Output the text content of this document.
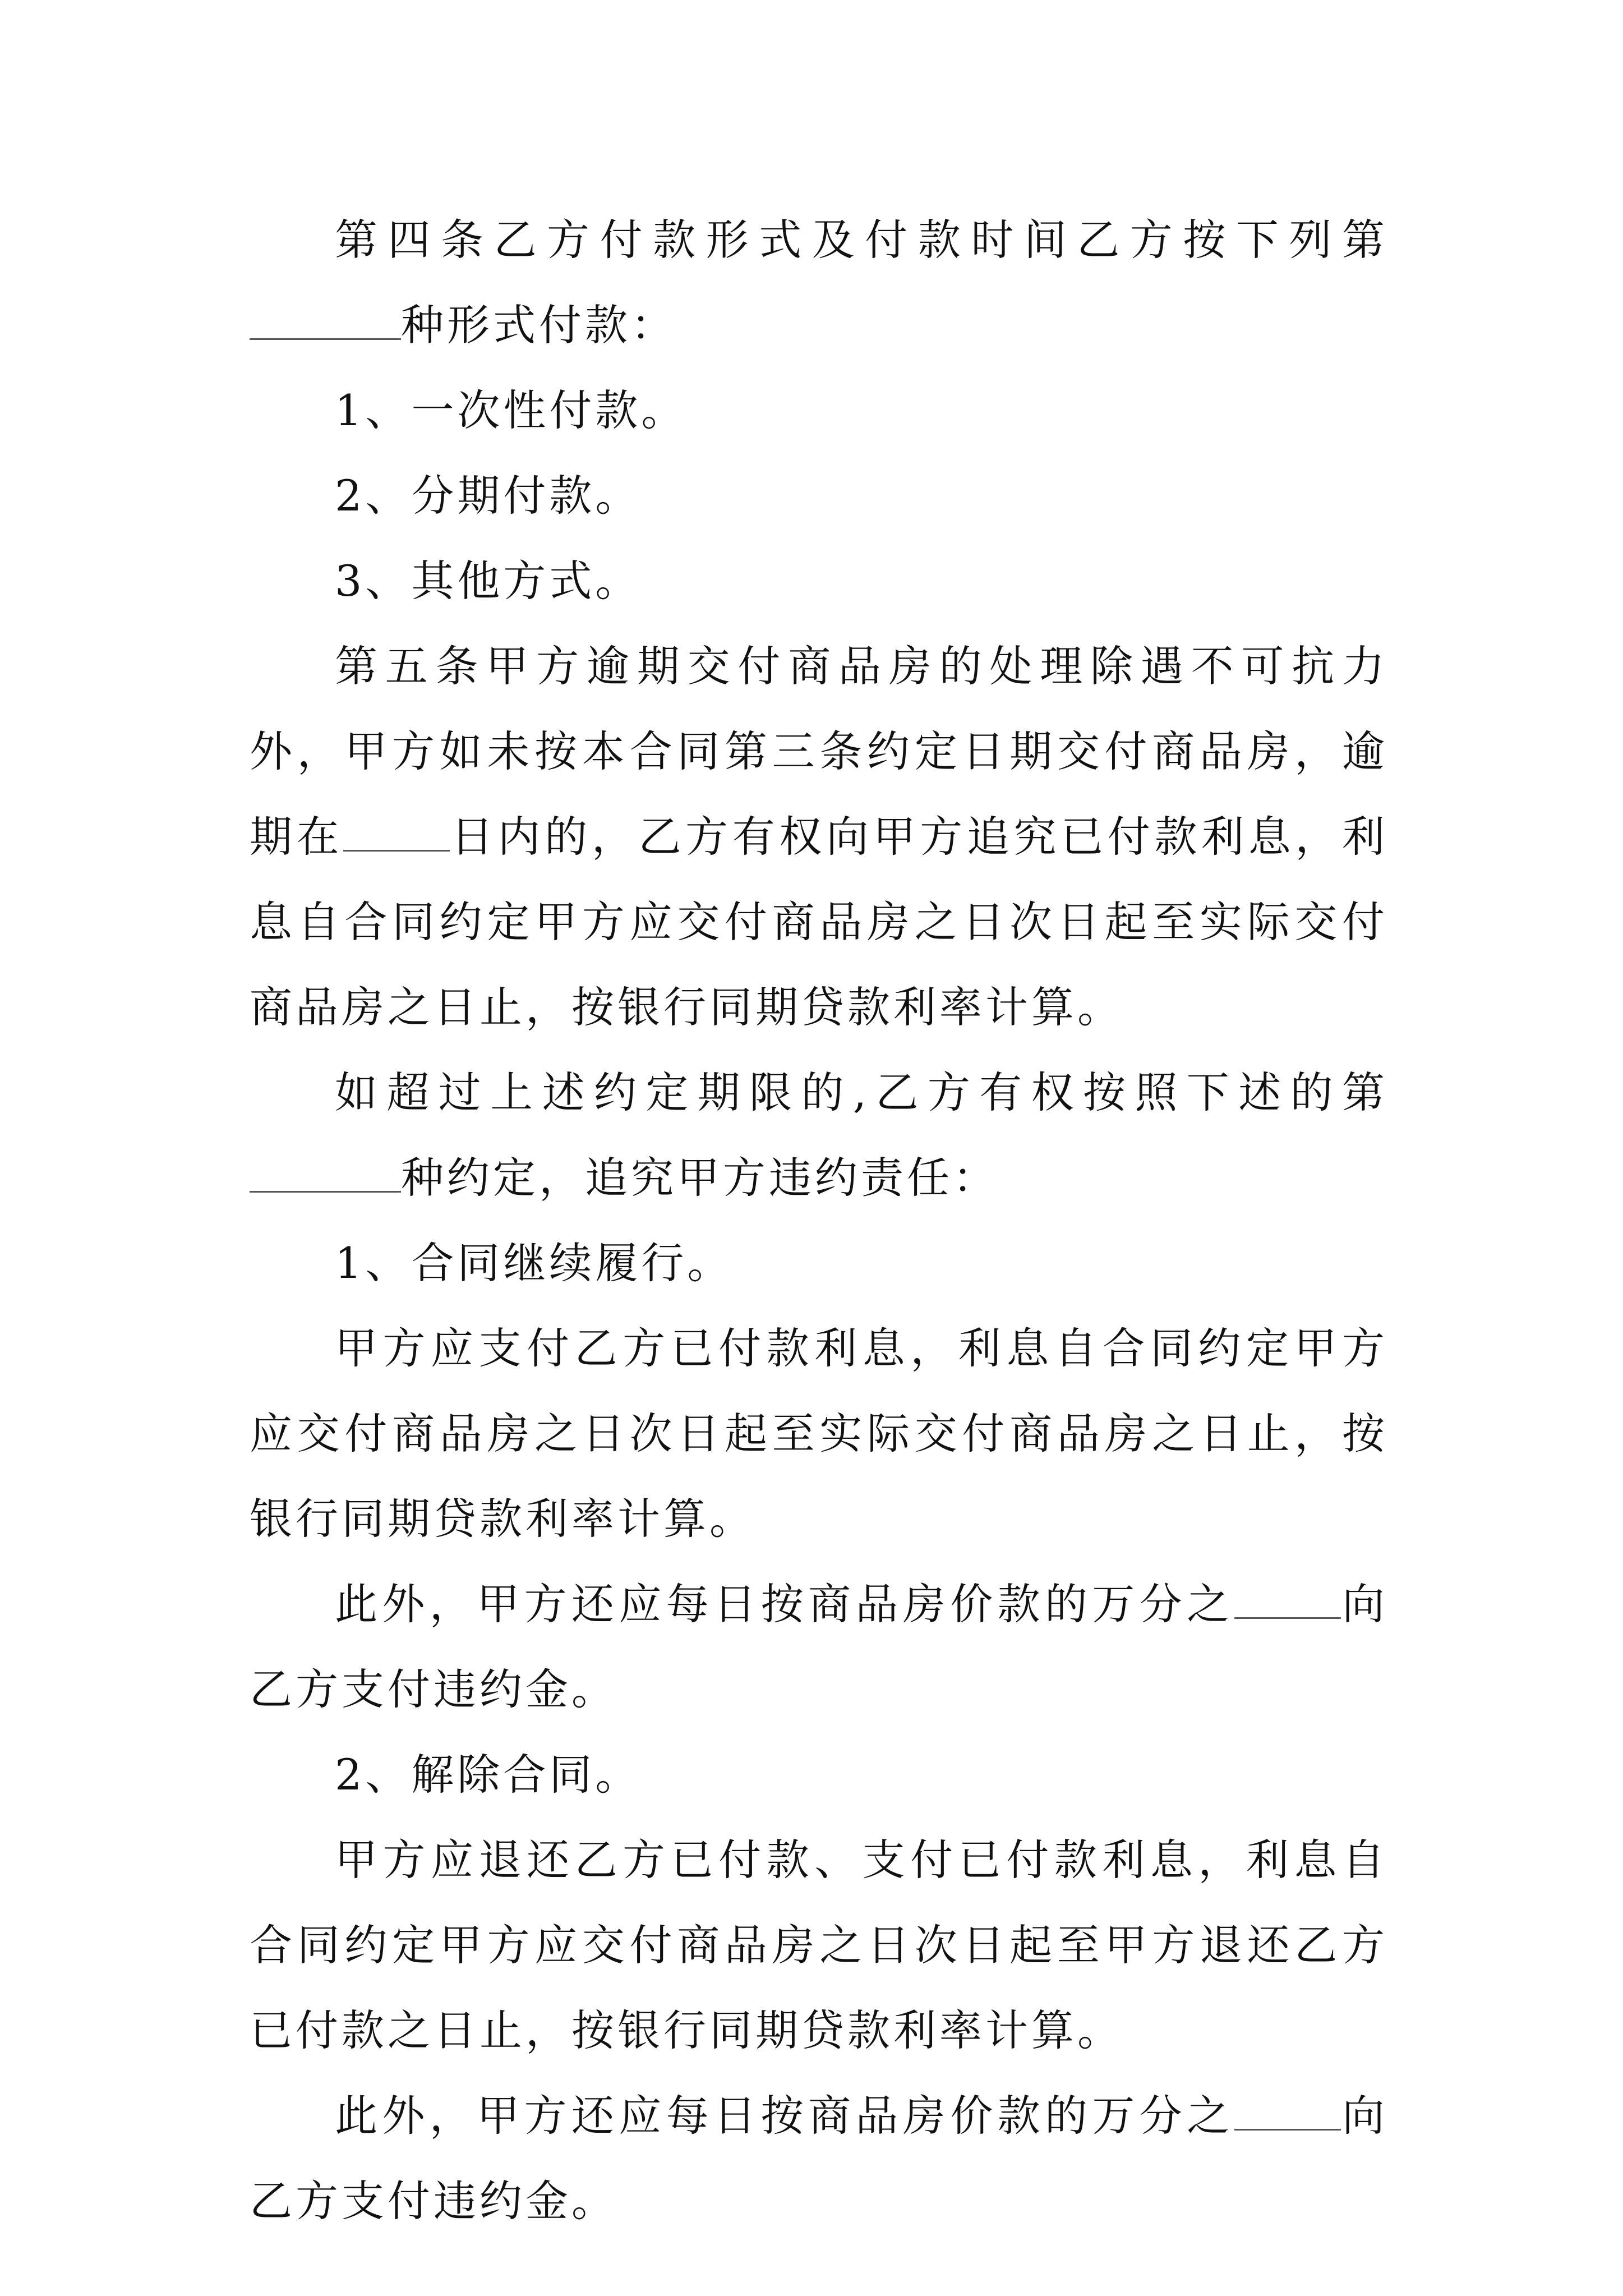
第四条乙方付款形式及付款时间乙方按下列第种形式付款：

1、一次性付款。

2、分期付款。

3、其他方式。

第五条甲方逾期交付商品房的处理除遇不可抗力外，甲方如未按本合同第三条约定日期交付商品房，逾期在	日内的，乙方有权向甲方追究已付款利息，利息自合同约定甲方应交付商品房之日次日起至实际交付商品房之日止，按银行同期贷款利率计算。

如超过上述约定期限的,乙方有权按照下述的第种约定，追究甲方违约责任：

1、合同继续履行。

甲方应支付乙方已付款利息，利息自合同约定甲方应交付商品房之日次日起至实际交付商品房之日止，按银行同期贷款利率计算。

此外，甲方还应每日按商品房价款的万分之	向乙方支付违约金。

2、解除合同。

甲方应退还乙方已付款、支付已付款利息，利息自合同约定甲方应交付商品房之日次日起至甲方退还乙方已付款之日止，按银行同期贷款利率计算。

此外，甲方还应每日按商品房价款的万分之	向乙方支付违约金。
